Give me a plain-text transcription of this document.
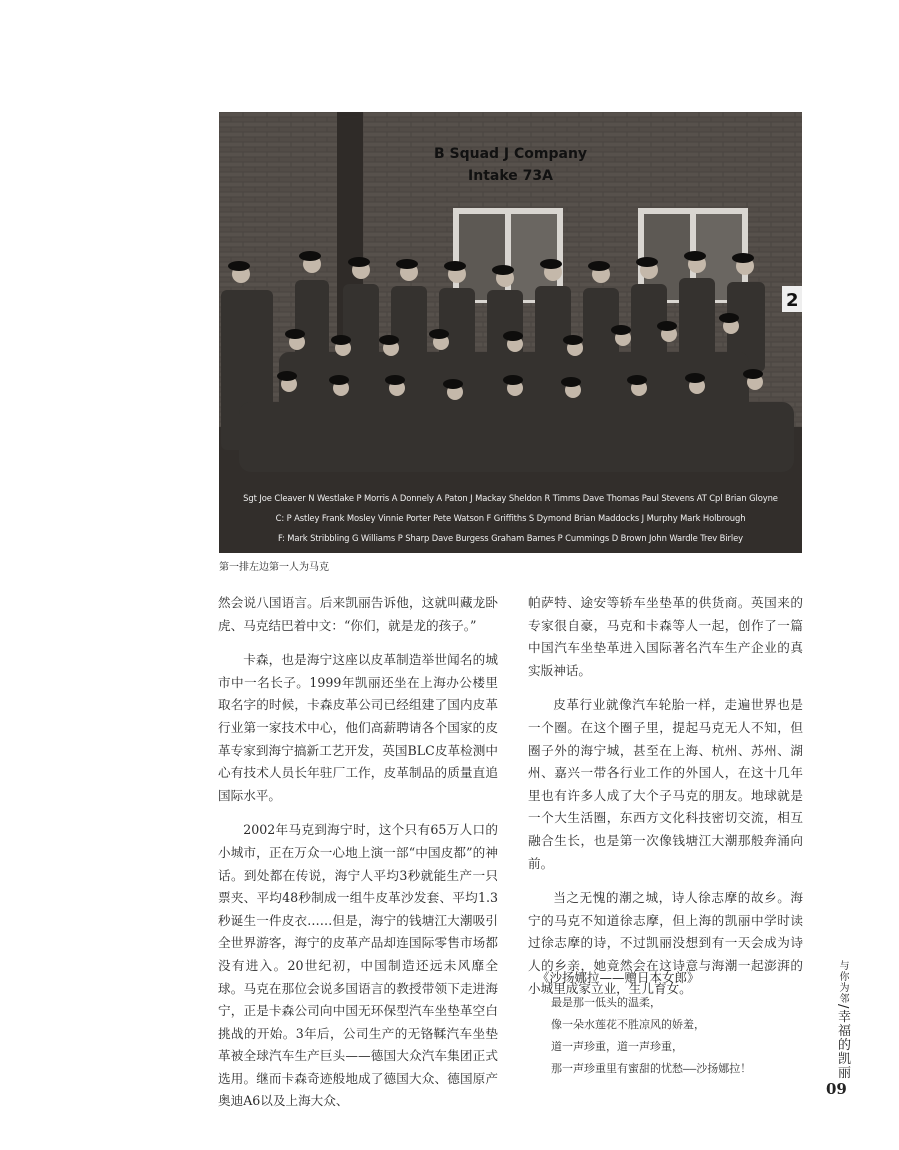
2
B Squad J Company
Intake 73A
Sgt Joe Cleaver N Westlake P Morris A Donnely A Paton J Mackay Sheldon R Timms Dave Thomas Paul Stevens AT Cpl Brian Gloyne
C: P Astley Frank Mosley Vinnie Porter Pete Watson F Griffiths S Dymond Brian Maddocks J Murphy Mark Holbrough
F: Mark Stribbling G Williams P Sharp Dave Burgess Graham Barnes P Cummings D Brown John Wardle Trev Birley
第一排左边第一人为马克

然会说八国语言。后来凯丽告诉他，这就叫藏龙卧虎、马克结巴着中文：“你们，就是龙的孩子。”

卡森，也是海宁这座以皮革制造举世闻名的城市中一名长子。1999年凯丽还坐在上海办公楼里取名字的时候，卡森皮革公司已经组建了国内皮革行业第一家技术中心，他们高薪聘请各个国家的皮革专家到海宁搞新工艺开发，英国BLC皮革检测中心有技术人员长年驻厂工作，皮革制品的质量直追国际水平。

2002年马克到海宁时，这个只有65万人口的小城市，正在万众一心地上演一部“中国皮都”的神话。到处都在传说，海宁人平均3秒就能生产一只票夹、平均48秒制成一组牛皮革沙发套、平均1.3秒诞生一件皮衣……但是，海宁的钱塘江大潮吸引全世界游客，海宁的皮革产品却连国际零售市场都没有进入。20世纪初，中国制造还远未风靡全球。马克在那位会说多国语言的教授带领下走进海宁，正是卡森公司向中国无环保型汽车坐垫革空白挑战的开始。3年后，公司生产的无铬鞣汽车坐垫革被全球汽车生产巨头——德国大众汽车集团正式选用。继而卡森奇迹般地成了德国大众、德国原产奥迪A6以及上海大众、

帕萨特、途安等轿车坐垫革的供货商。英国来的专家很自豪，马克和卡森等人一起，创作了一篇中国汽车坐垫革进入国际著名汽车生产企业的真实版神话。

皮革行业就像汽车轮胎一样，走遍世界也是一个圈。在这个圈子里，提起马克无人不知，但圈子外的海宁城，甚至在上海、杭州、苏州、湖州、嘉兴一带各行业工作的外国人，在这十几年里也有许多人成了大个子马克的朋友。地球就是一个大生活圈，东西方文化科技密切交流，相互融合生长，也是第一次像钱塘江大潮那般奔涌向前。

当之无愧的潮之城，诗人徐志摩的故乡。海宁的马克不知道徐志摩，但上海的凯丽中学时读过徐志摩的诗，不过凯丽没想到有一天会成为诗人的乡亲，她竟然会在这诗意与海潮一起澎湃的小城里成家立业，生儿育女。

《沙扬娜拉——赠日本女郎》
最是那一低头的温柔，
像一朵水莲花不胜凉风的娇羞，
道一声珍重，道一声珍重，
那一声珍重里有蜜甜的忧愁——沙扬娜拉！
与你为邻/幸福的凯丽
09
